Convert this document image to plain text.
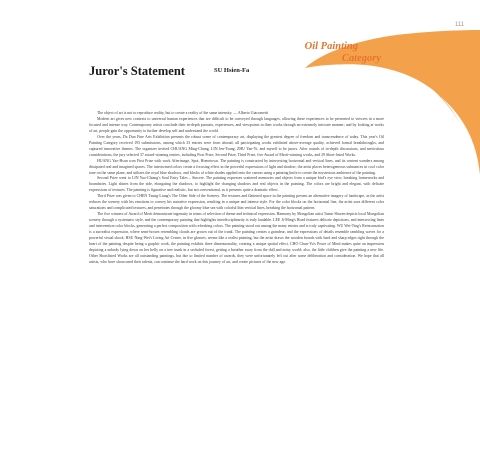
111
Oil Painting
Category
Juror's Statement	SU Hsien-Fa

The object of art is not to reproduce reality, but to create a reality of the same intensity. — Alberto Giacometti

Modern art gives new contexts to universal human experiences that are difficult to be conveyed through languages, allowing these experiences to be presented to viewers in a more focused and intense way. Contemporary artists conclude their in-depth pursuits, experiences, and viewpoints in their works through an extremely intricate manner; and by looking at works of art, people gain the opportunity to further develop self and understand the world.

Over the years, Da Dun Fine Arts Exhibition presents the robust scene of contemporary art, displaying the greatest degree of freedom and transcendence of today. This year's Oil Painting Category received 193 submissions, among which 33 entries were from abroad; all participating works exhibited above-average quality, achieved formal breakthroughs, and captured innovative themes. The organizer invited CHUANG Ming-Chung, LIN Jen-Tsang, ZHU Yan-Yi, and myself to be jurors. After rounds of in-depth discussions, and meticulous considerations, the jury selected 37 award-winning entries, including First Prize, Second Prize, Third Prize, five Award of Merit-winning works, and 29 Short-listed Works.

HUANG Yao-Hsun won First Prize with work Afterimage, Spot, Hometown. The painting is constructed by intersecting horizontal and vertical lines, and its content wanders among dissipated real and imagined spaces. The intertwined colors create a focusing effect in the powerful expressions of light and shadow; the artist places heterogeneous substances in cool color tone on the same plane, and utilizes the royal blue shadows, and blocks of white shades applied onto the canvas using a painting knife to create the mysterious ambience of the painting.

Second Prize went to LIN Yao-Chiang's Soul Fairy Tales – Sincere. The painting expresses scattered memories and objects from a unique bird's eye view, breaking frameworks and boundaries. Light shines from the side, elongating the shadows, to highlight the changing shadows and real objects in the painting. The colors are bright and elegant, with delicate expressions of textures. The painting is figurative and realistic, but not conventional, as it presents quite a dramatic effect.

Third Prize was given to CHEN Tzung-Liang's The Other Side of the Scenery. The textures and flattened space in the painting present an alternative imagery of landscape, as the artist reduces the scenery with his emotions to convey his narrative expression, resulting in a unique and intense style. For the color blocks on the horizontal line, the artist uses different color saturations and complicated textures, and penetrates through the gloomy blue sea with colorful thin vertical lines, breaking the horizontal pattern.

The five winners of Award of Merit demonstrate ingenuity in terms of selection of theme and technical expression. Harmony by Mongolian artist Tumir Shuren depicts local Mongolian scenery through a systematic style, and the contemporary painting that highlights interdisciplinarity is truly laudable. LEE Ji-Ming's Road features delicate depictions, and intersecting lines and intervention color blocks, generating a perfect composition with refreshing colors. The painting stood out among the many entries and is truly captivating. WU Wei-Ting's Reincarnation is a surrealist expression, where semi-brown resembling clouds are grown out of the trunk. The painting creates a grandeur, and the expressions of details resemble rambling waves for a powerful visual shock. HSU Ning-Wei's Living Art Center, in five glances, seems like a realist painting, but the artist draws the wooden boards with hard and sharp edges right through the heart of the painting despite being a graphic work, the painting exhibits three dimensionality, creating a unique spatial effect. CHO Chun-Yu's Peace of Mind makes quite an impression depicting a nobody lying down on her belly on a tree trunk in a secluded forest, getting a breather away from the dull and noisy world; also, the little children give the painting a new life. Other Shortlisted Works are all outstanding paintings, but due to limited number of awards, they were unfortunately left out after some deliberation and consideration. We hope that all artists, who have showcased their talents, can continue the hard work on this journey of art, and create pictures of the new age.
